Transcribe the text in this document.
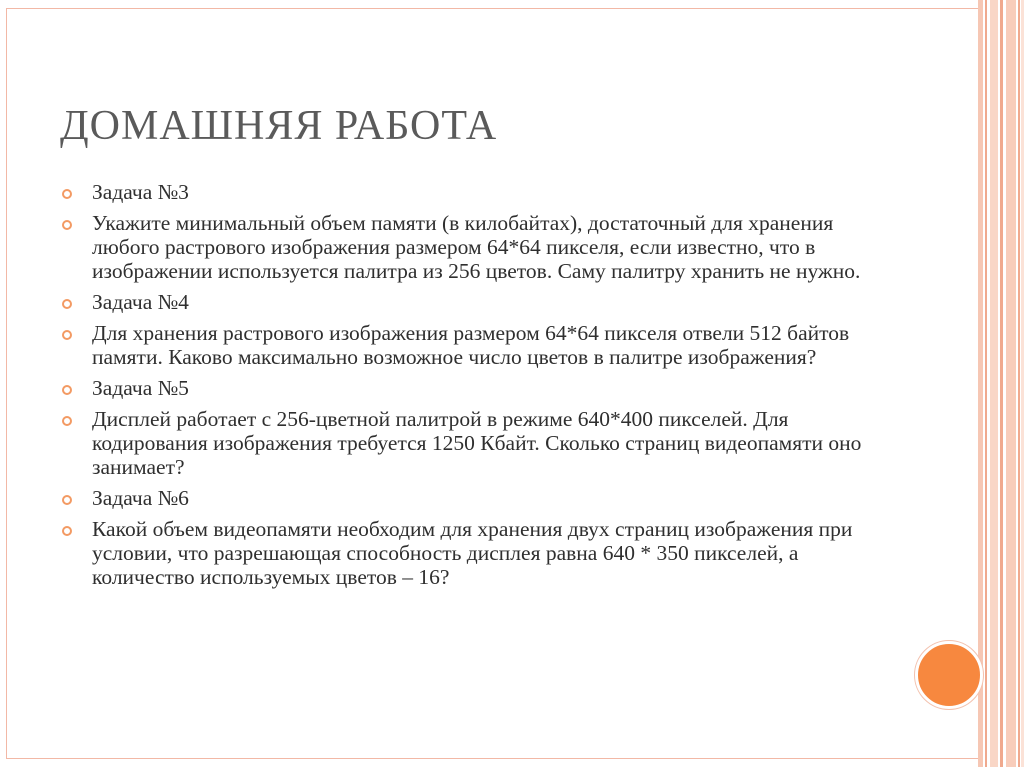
ДОМАШНЯЯ РАБОТА
Задача №3
Укажите минимальный объем памяти (в килобайтах), достаточный для хранения любого растрового изображения размером 64*64 пикселя, если известно, что в изображении используется палитра из 256 цветов. Саму палитру хранить не нужно.
Задача №4
Для хранения растрового изображения размером 64*64 пикселя отвели 512 байтов памяти. Каково максимально возможное число цветов в палитре изображения?
Задача №5
Дисплей работает с 256-цветной палитрой в режиме 640*400 пикселей. Для кодирования изображения требуется 1250 Кбайт. Сколько страниц видеопамяти оно занимает?
Задача №6
Какой объем видеопамяти необходим для хранения двух страниц изображения при условии, что разрешающая способность дисплея равна 640 * 350 пикселей, а количество используемых цветов – 16?
